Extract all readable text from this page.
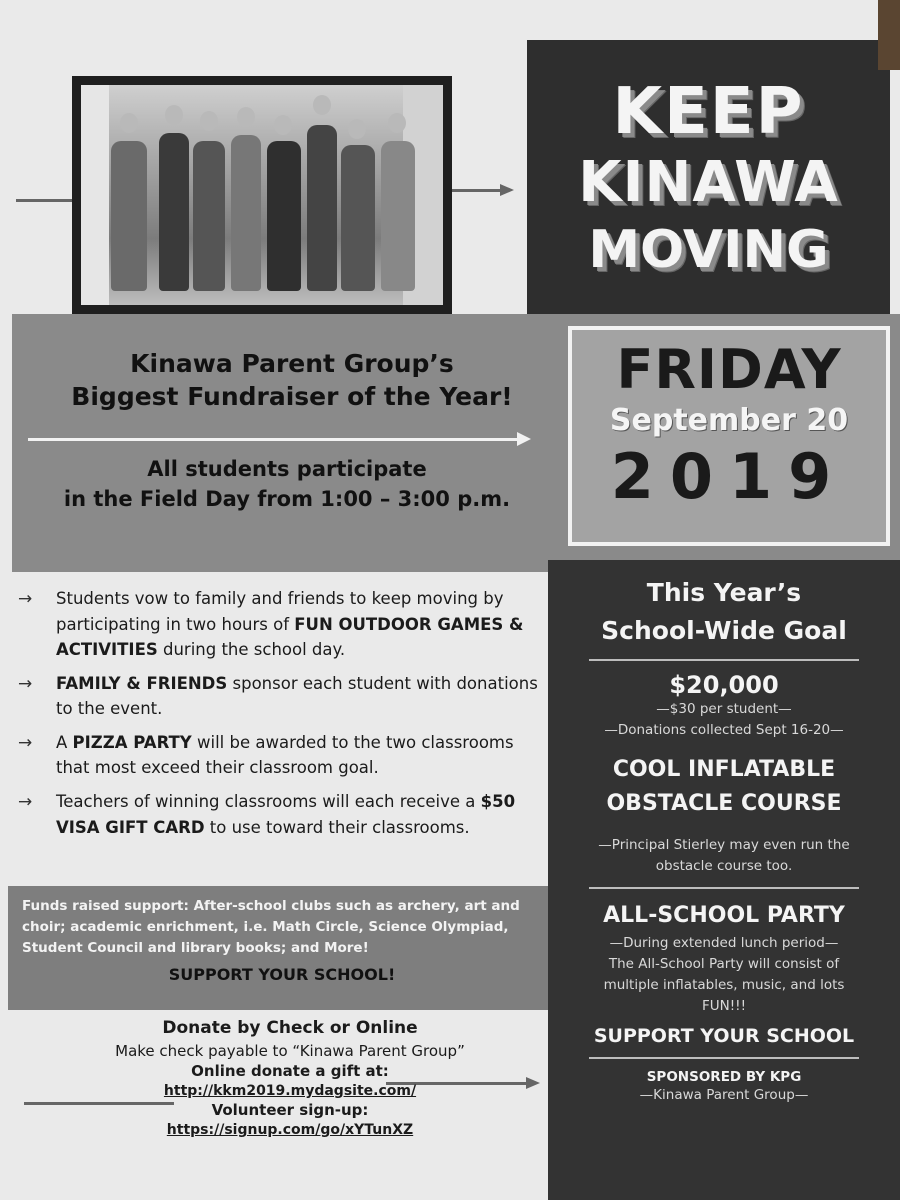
KEEP
KINAWA
MOVING
Kinawa Parent Group’s
Biggest Fundraiser of the Year!
All students participate
in the Field Day from 1:00 – 3:00 p.m.
FRIDAY
September 20
2019
→	Students vow to family and friends to keep moving by participating in two hours of FUN OUTDOOR GAMES & ACTIVITIES during the school day.
→	FAMILY & FRIENDS sponsor each student with donations to the event.
→	A PIZZA PARTY will be awarded to the two classrooms that most exceed their classroom goal.
→	Teachers of winning classrooms will each receive a $50 VISA GIFT CARD to use toward their classrooms.
Funds raised support: After-school clubs such as archery, art and choir; academic enrichment, i.e. Math Circle, Science Olympiad, Student Council and library books; and More!
SUPPORT YOUR SCHOOL!
Donate by Check or Online
Make check payable to “Kinawa Parent Group”
Online donate a gift at:
http://kkm2019.mydagsite.com/
Volunteer sign-up:
https://signup.com/go/xYTunXZ
This Year’s
School-Wide Goal
$20,000
—$30 per student—
—Donations collected Sept 16-20—
COOL INFLATABLE
OBSTACLE COURSE
—Principal Stierley may even run the
obstacle course too.
ALL-SCHOOL PARTY
—During extended lunch period—
The All-School Party will consist of
multiple inflatables, music, and lots
FUN!!!
SUPPORT YOUR SCHOOL
SPONSORED BY KPG
—Kinawa Parent Group—
